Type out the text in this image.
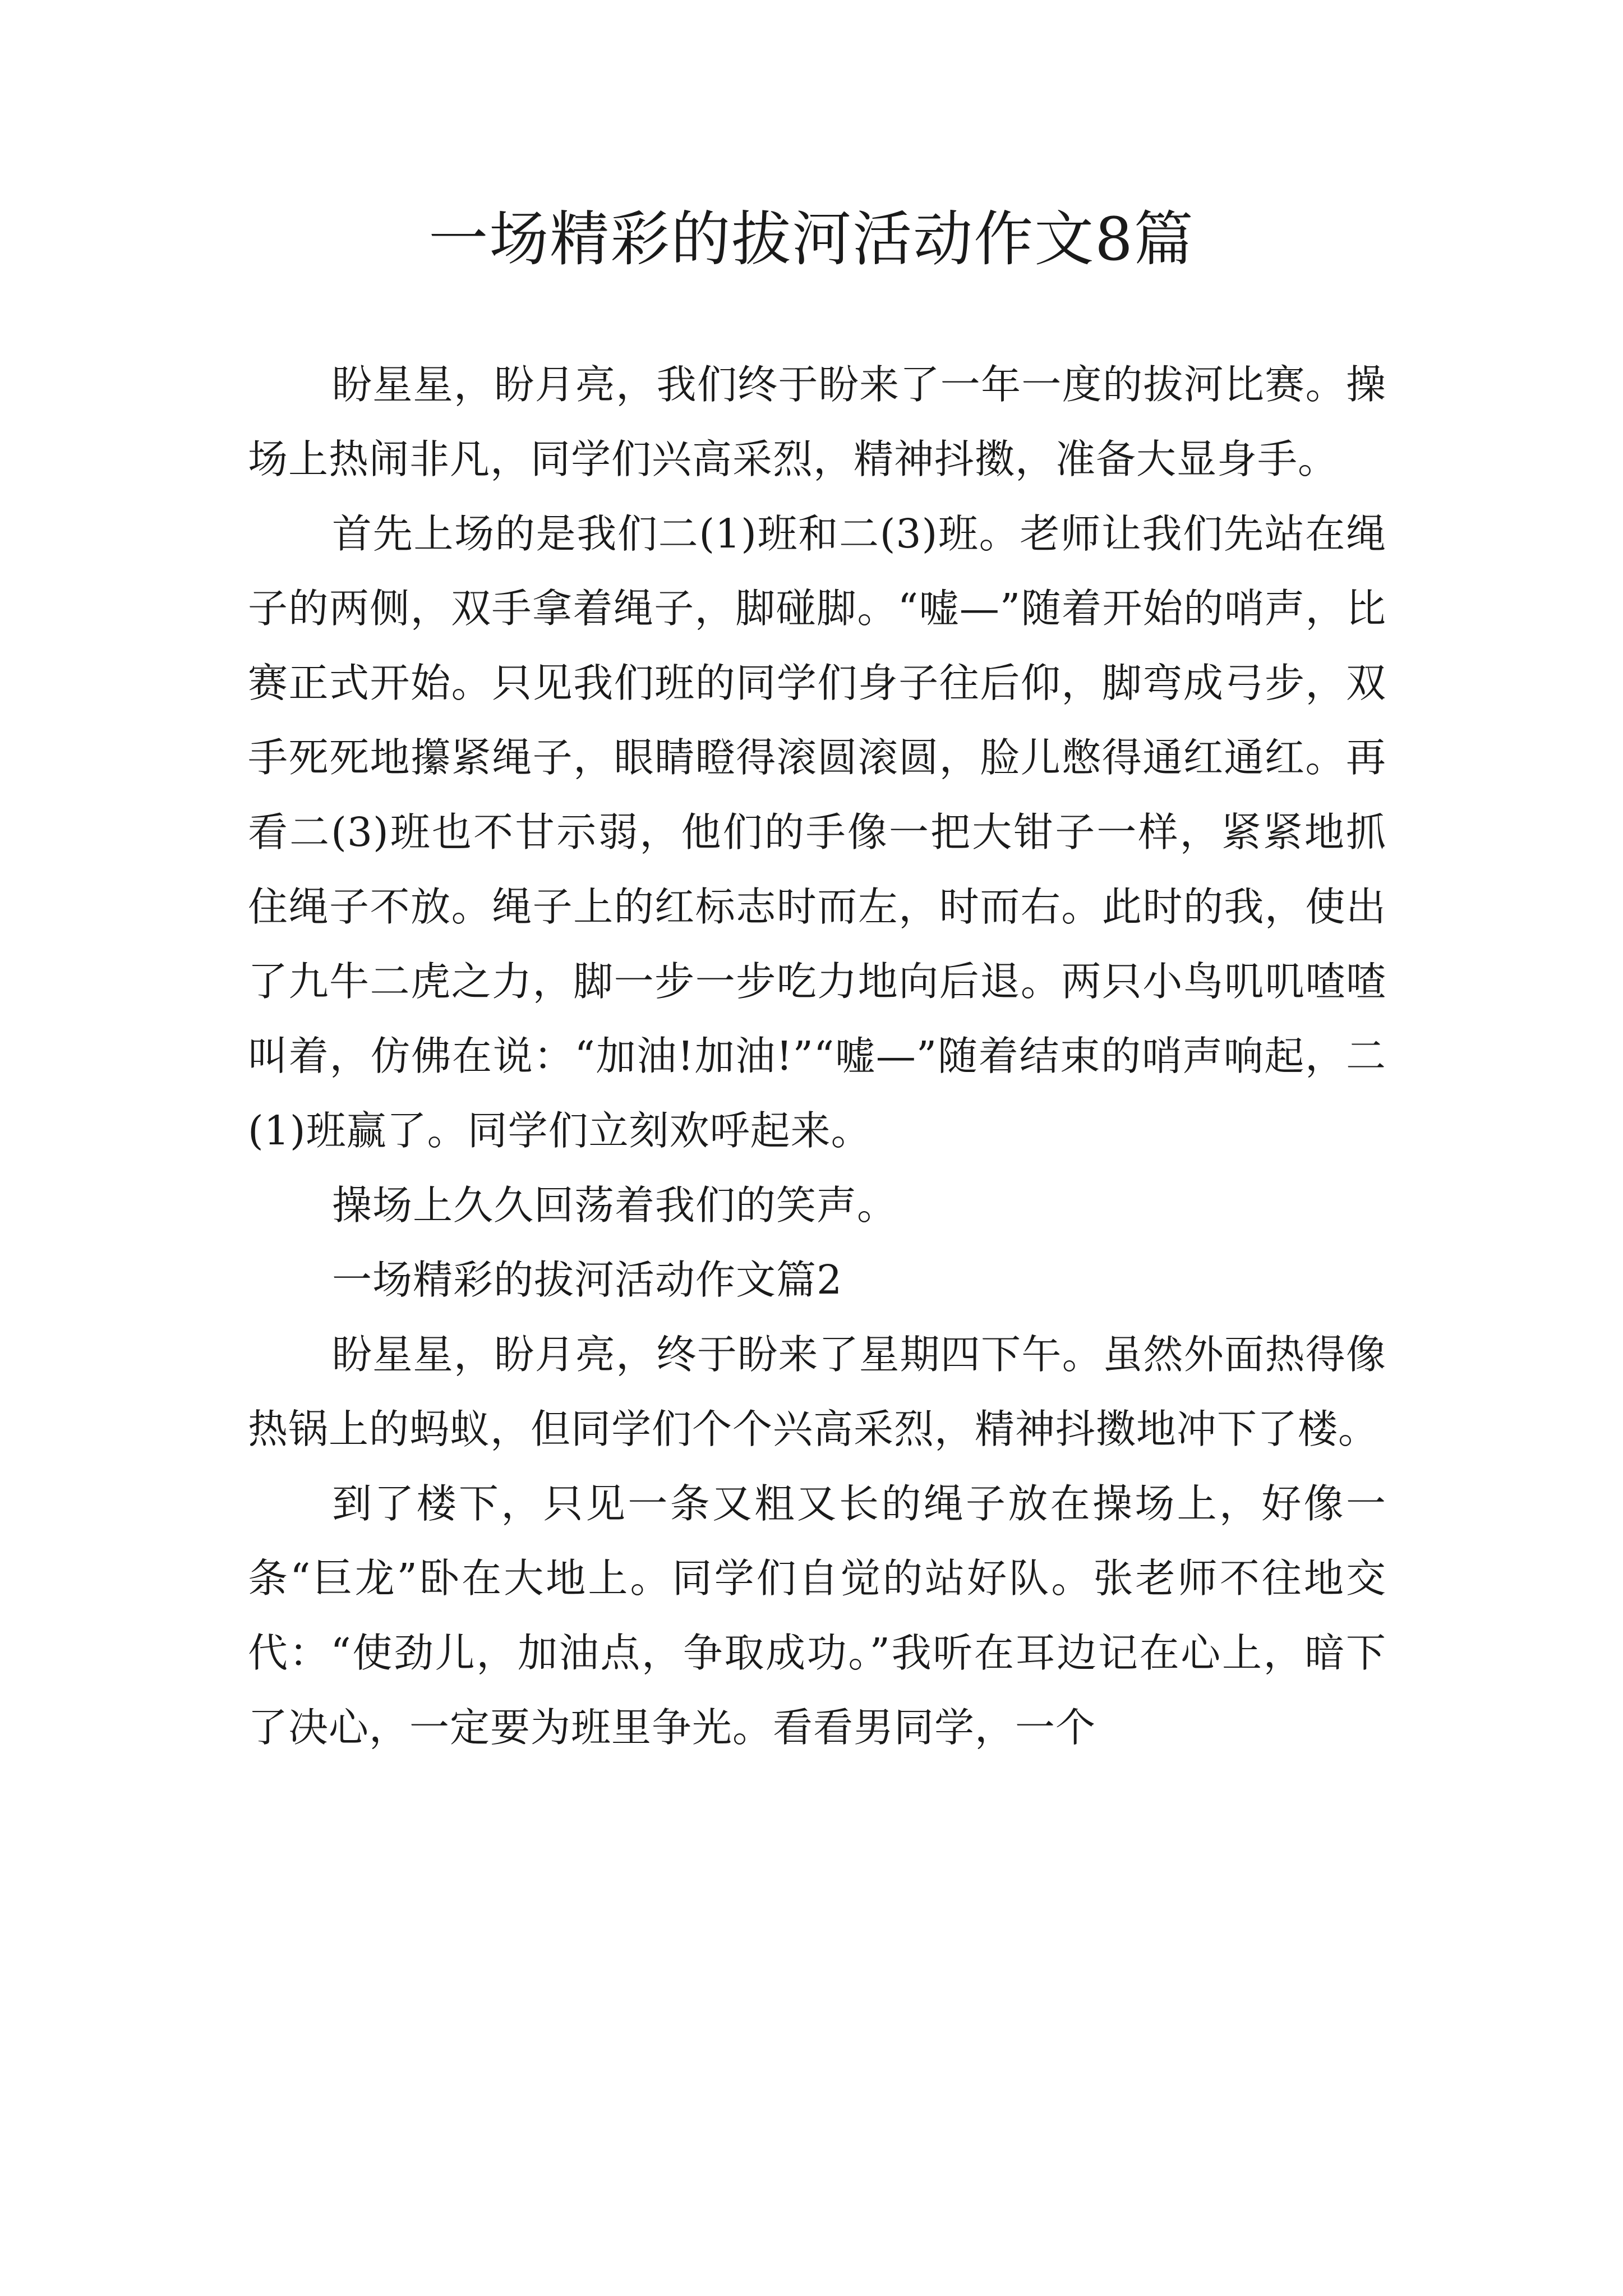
一场精彩的拔河活动作文8篇

盼星星，盼月亮，我们终于盼来了一年一度的拔河比赛。操场上热闹非凡，同学们兴高采烈，精神抖擞，准备大显身手。

首先上场的是我们二(1)班和二(3)班。老师让我们先站在绳子的两侧，双手拿着绳子，脚碰脚。“嘘—”随着开始的哨声，比赛正式开始。只见我们班的同学们身子往后仰，脚弯成弓步，双手死死地攥紧绳子，眼睛瞪得滚圆滚圆，脸儿憋得通红通红。再看二(3)班也不甘示弱，他们的手像一把大钳子一样，紧紧地抓住绳子不放。绳子上的红标志时而左，时而右。此时的我，使出了九牛二虎之力，脚一步一步吃力地向后退。两只小鸟叽叽喳喳叫着，仿佛在说：“加油!加油!”“嘘—”随着结束的哨声响起，二(1)班赢了。同学们立刻欢呼起来。

操场上久久回荡着我们的笑声。

一场精彩的拔河活动作文篇2

盼星星，盼月亮，终于盼来了星期四下午。虽然外面热得像热锅上的蚂蚁，但同学们个个兴高采烈，精神抖擞地冲下了楼。

到了楼下，只见一条又粗又长的绳子放在操场上，好像一条“巨龙”卧在大地上。同学们自觉的站好队。张老师不往地交代：“使劲儿，加油点，争取成功。”我听在耳边记在心上，暗下了决心，一定要为班里争光。看看男同学，一个
